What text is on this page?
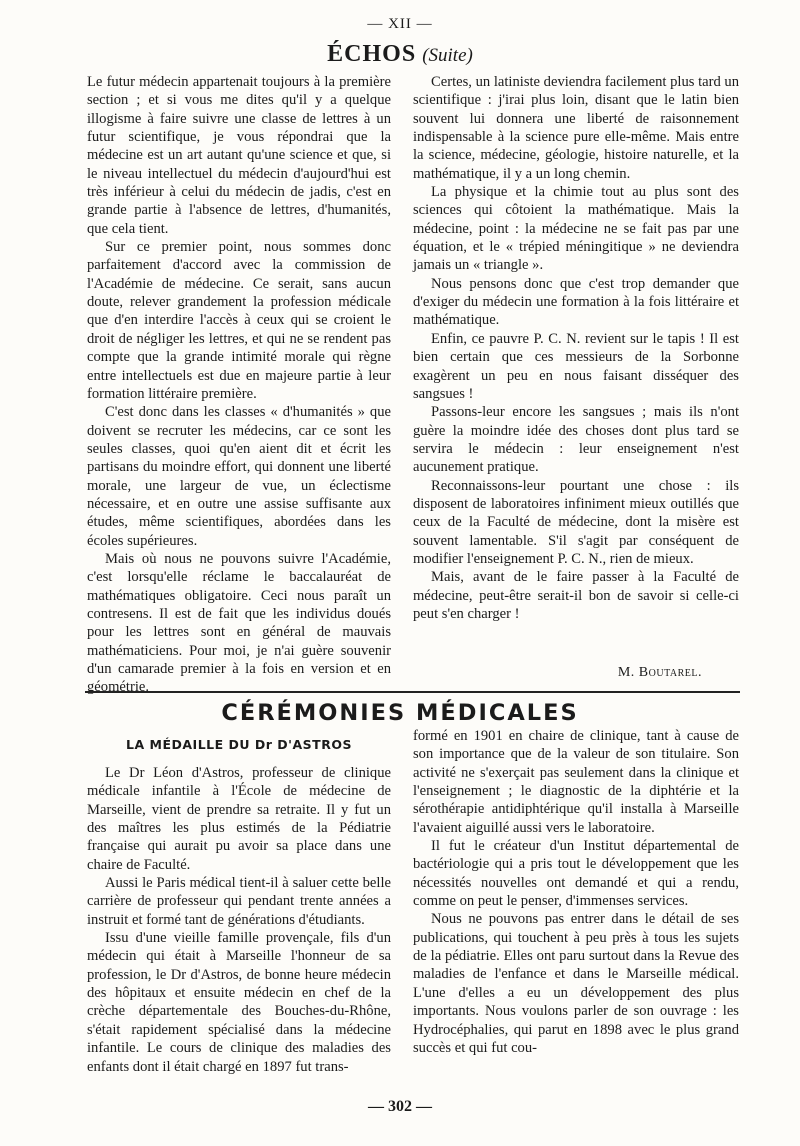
— XII —
ÉCHOS (Suite)

Le futur médecin appartenait toujours à la première section ; et si vous me dites qu'il y a quelque illogisme à faire suivre une classe de lettres à un futur scientifique, je vous répondrai que la médecine est un art autant qu'une science et que, si le niveau intellectuel du médecin d'aujourd'hui est très inférieur à celui du médecin de jadis, c'est en grande partie à l'absence de lettres, d'humanités, que cela tient.

Sur ce premier point, nous sommes donc parfaitement d'accord avec la commission de l'Académie de médecine. Ce serait, sans aucun doute, relever grandement la profession médicale que d'en interdire l'accès à ceux qui se croient le droit de négliger les lettres, et qui ne se rendent pas compte que la grande intimité morale qui règne entre intellectuels est due en majeure partie à leur formation littéraire première.

C'est donc dans les classes « d'humanités » que doivent se recruter les médecins, car ce sont les seules classes, quoi qu'en aient dit et écrit les partisans du moindre effort, qui donnent une liberté morale, une largeur de vue, un éclectisme nécessaire, et en outre une assise suffisante aux études, même scientifiques, abordées dans les écoles supérieures.

Mais où nous ne pouvons suivre l'Académie, c'est lorsqu'elle réclame le baccalauréat de mathématiques obligatoire. Ceci nous paraît un contresens. Il est de fait que les individus doués pour les lettres sont en général de mauvais mathématiciens. Pour moi, je n'ai guère souvenir d'un camarade premier à la fois en version et en géométrie.

Certes, un latiniste deviendra facilement plus tard un scientifique : j'irai plus loin, disant que le latin bien souvent lui donnera une liberté de raisonnement indispensable à la science pure elle-même. Mais entre la science, médecine, géologie, histoire naturelle, et la mathématique, il y a un long chemin.

La physique et la chimie tout au plus sont des sciences qui côtoient la mathématique. Mais la médecine, point : la médecine ne se fait pas par une équation, et le « trépied méningitique » ne deviendra jamais un « triangle ».

Nous pensons donc que c'est trop demander que d'exiger du médecin une formation à la fois littéraire et mathématique.

Enfin, ce pauvre P. C. N. revient sur le tapis ! Il est bien certain que ces messieurs de la Sorbonne exagèrent un peu en nous faisant disséquer des sangsues !

Passons-leur encore les sangsues ; mais ils n'ont guère la moindre idée des choses dont plus tard se servira le médecin : leur enseignement n'est aucunement pratique.

Reconnaissons-leur pourtant une chose : ils disposent de laboratoires infiniment mieux outillés que ceux de la Faculté de médecine, dont la misère est souvent lamentable. S'il s'agit par conséquent de modifier l'enseignement P. C. N., rien de mieux.

Mais, avant de le faire passer à la Faculté de médecine, peut-être serait-il bon de savoir si celle-ci peut s'en charger !

M. Boutarel.
CÉRÉMONIES MÉDICALES
LA MÉDAILLE DU Dr D'ASTROS

Le Dr Léon d'Astros, professeur de clinique médicale infantile à l'École de médecine de Marseille, vient de prendre sa retraite. Il y fut un des maîtres les plus estimés de la Pédiatrie française qui aurait pu avoir sa place dans une chaire de Faculté.

Aussi le Paris médical tient-il à saluer cette belle carrière de professeur qui pendant trente années a instruit et formé tant de générations d'étudiants.

Issu d'une vieille famille provençale, fils d'un médecin qui était à Marseille l'honneur de sa profession, le Dr d'Astros, de bonne heure médecin des hôpitaux et ensuite médecin en chef de la crèche départementale des Bouches-du-Rhône, s'était rapidement spécialisé dans la médecine infantile. Le cours de clinique des maladies des enfants dont il était chargé en 1897 fut trans-

formé en 1901 en chaire de clinique, tant à cause de son importance que de la valeur de son titulaire. Son activité ne s'exerçait pas seulement dans la clinique et l'enseignement ; le diagnostic de la diphtérie et la sérothérapie antidiphtérique qu'il installa à Marseille l'avaient aiguillé aussi vers le laboratoire.

Il fut le créateur d'un Institut départemental de bactériologie qui a pris tout le développement que les nécessités nouvelles ont demandé et qui a rendu, comme on peut le penser, d'immenses services.

Nous ne pouvons pas entrer dans le détail de ses publications, qui touchent à peu près à tous les sujets de la pédiatrie. Elles ont paru surtout dans la Revue des maladies de l'enfance et dans le Marseille médical. L'une d'elles a eu un développement des plus importants. Nous voulons parler de son ouvrage : les Hydrocéphalies, qui parut en 1898 avec le plus grand succès et qui fut cou-

— 302 —
